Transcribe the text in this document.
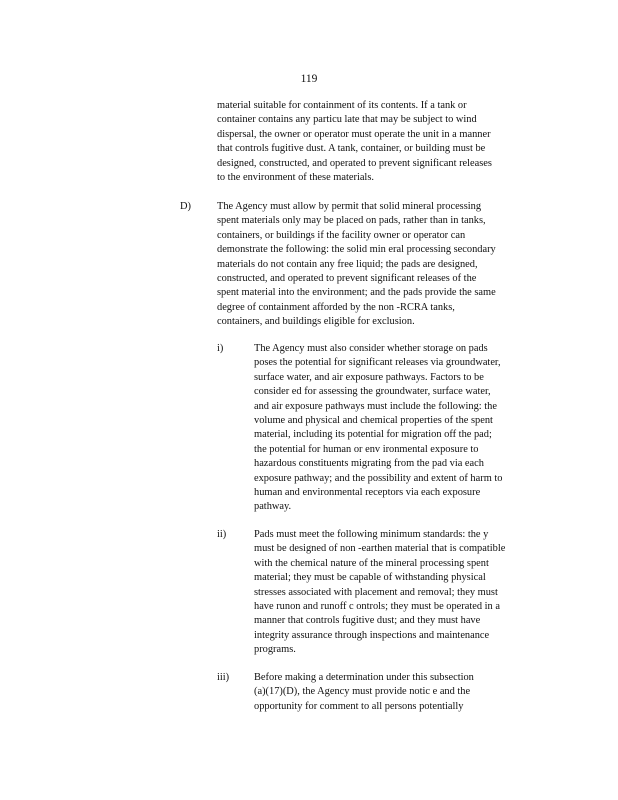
119
material suitable for containment of its contents. If a tank or
container contains any particu late that may be subject to wind
dispersal, the owner or operator must operate the unit in a manner
that controls fugitive dust. A tank, container, or building must be
designed, constructed, and operated to prevent significant releases
to the environment of these materials.
D)	The Agency must allow by permit that solid mineral processing
spent materials only may be placed on pads, rather than in tanks,
containers, or buildings if the facility owner or operator can
demonstrate the following: the solid min eral processing secondary
materials do not contain any free liquid; the pads are designed,
constructed, and operated to prevent significant releases of the
spent material into the environment; and the pads provide the same
degree of containment afforded by the non -RCRA tanks,
containers, and buildings eligible for exclusion.
i)	The Agency must also consider whether storage on pads
poses the potential for significant releases via groundwater,
surface water, and air exposure pathways. Factors to be
consider ed for assessing the groundwater, surface water,
and air exposure pathways must include the following: the
volume and physical and chemical properties of the spent
material, including its potential for migration off the pad;
the potential for human or env ironmental exposure to
hazardous constituents migrating from the pad via each
exposure pathway; and the possibility and extent of harm to
human and environmental receptors via each exposure
pathway.
ii)	Pads must meet the following minimum standards: the y
must be designed of non -earthen material that is compatible
with the chemical nature of the mineral processing spent
material; they must be capable of withstanding physical
stresses associated with placement and removal; they must
have runon and runoff c ontrols; they must be operated in a
manner that controls fugitive dust; and they must have
integrity assurance through inspections and maintenance
programs.
iii) Before making a determination under this subsection
(a)(17)(D), the Agency must provide notic e and the
opportunity for comment to all persons potentially
